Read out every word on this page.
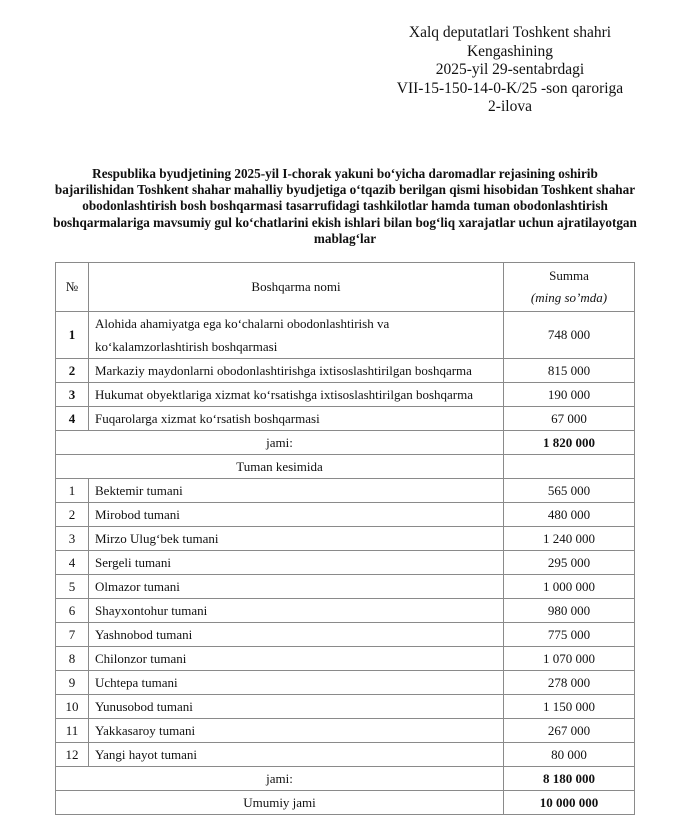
Xalq deputatlari Toshkent shahri
Kengashining
2025-yil 29-sentabrdagi
VII-15-150-14-0-K/25 -son qaroriga
2-ilova
Respublika byudjetining 2025-yil I-chorak yakuni boʻyicha daromadlar rejasining oshirib
bajarilishidan Toshkent shahar mahalliy byudjetiga oʻtqazib berilgan qismi hisobidan Toshkent shahar
obodonlashtirish bosh boshqarmasi tasarrufidagi tashkilotlar hamda tuman obodonlashtirish
boshqarmalariga mavsumiy gul koʻchatlarini ekish ishlari bilan bogʻliq xarajatlar uchun ajratilayotgan
mablagʻlar
№	Boshqarma nomi	Summa
(ming so’mda)

1	Alohida ahamiyatga ega koʻchalarni obodonlashtirish va
koʻkalamzorlashtirish boshqarmasi	748 000
2	Markaziy maydonlarni obodonlashtirishga ixtisoslashtirilgan boshqarma	815 000
3	Hukumat obyektlariga xizmat koʻrsatishga ixtisoslashtirilgan boshqarma	190 000
4	Fuqarolarga xizmat koʻrsatish boshqarmasi	67 000
jami:		1 820 000
Tuman kesimida		
1	Bektemir tumani	565 000
2	Mirobod tumani	480 000
3	Mirzo Ulugʻbek tumani	1 240 000
4	Sergeli tumani	295 000
5	Olmazor tumani	1 000 000
6	Shayxontohur tumani	980 000
7	Yashnobod tumani	775 000
8	Chilonzor tumani	1 070 000
9	Uchtepa tumani	278 000
10	Yunusobod tumani	1 150 000
11	Yakkasaroy tumani	267 000
12	Yangi hayot tumani	80 000
jami:		8 180 000
Umumiy jami		10 000 000
